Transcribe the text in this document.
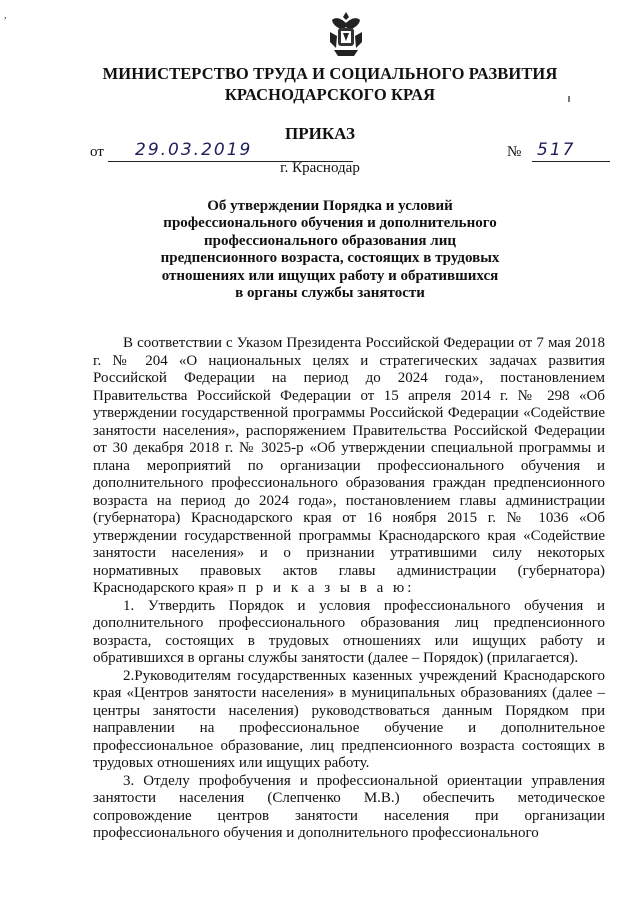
,
МИНИСТЕРСТВО ТРУДА И СОЦИАЛЬНОГО РАЗВИТИЯ
КРАСНОДАРСКОГО КРАЯ
ПРИКАЗ
от 29.03.2019	№ 517
г. Краснодар
Об утверждении Порядка и условий
профессионального обучения и дополнительного
профессионального образования лиц
предпенсионного возраста, состоящих в трудовых
отношениях или ищущих работу и обратившихся
в органы службы занятости

В соответствии с Указом Президента Российской Федерации от 7 мая 2018 г. № 204 «О национальных целях и стратегических задачах развития Российской Федерации на период до 2024 года», постановлением Правительства Российской Федерации от 15 апреля 2014 г. № 298 «Об утверждении государственной программы Российской Федерации «Содействие занятости населения», распоряжением Правительства Российской Федерации от 30 декабря 2018 г. № 3025-р «Об утверждении специальной программы и плана мероприятий по организации профессионального обучения и дополнительного профессионального образования граждан предпенсионного возраста на период до 2024 года», постановлением главы администрации (губернатора) Краснодарского края от 16 ноября 2015 г. № 1036 «Об утверждении государственной программы Краснодарского края «Содействие занятости населения» и о признании утратившими силу некоторых нормативных правовых актов главы администрации (губернатора) Краснодарского края» п р и к а з ы в а ю:

1. Утвердить Порядок и условия профессионального обучения и дополнительного профессионального образования лиц предпенсионного возраста, состоящих в трудовых отношениях или ищущих работу и обратившихся в органы службы занятости (далее – Порядок) (прилагается).

2.Руководителям государственных казенных учреждений Краснодарского края «Центров занятости населения» в муниципальных образованиях (далее – центры занятости населения) руководствоваться данным Порядком при направлении на профессиональное обучение и дополнительное профессиональное образование, лиц предпенсионного возраста состоящих в трудовых отношениях или ищущих работу.

3. Отделу профобучения и профессиональной ориентации управления занятости населения (Слепченко М.В.) обеспечить методическое сопровождение центров занятости населения при организации профессионального обучения и дополнительного профессионального
